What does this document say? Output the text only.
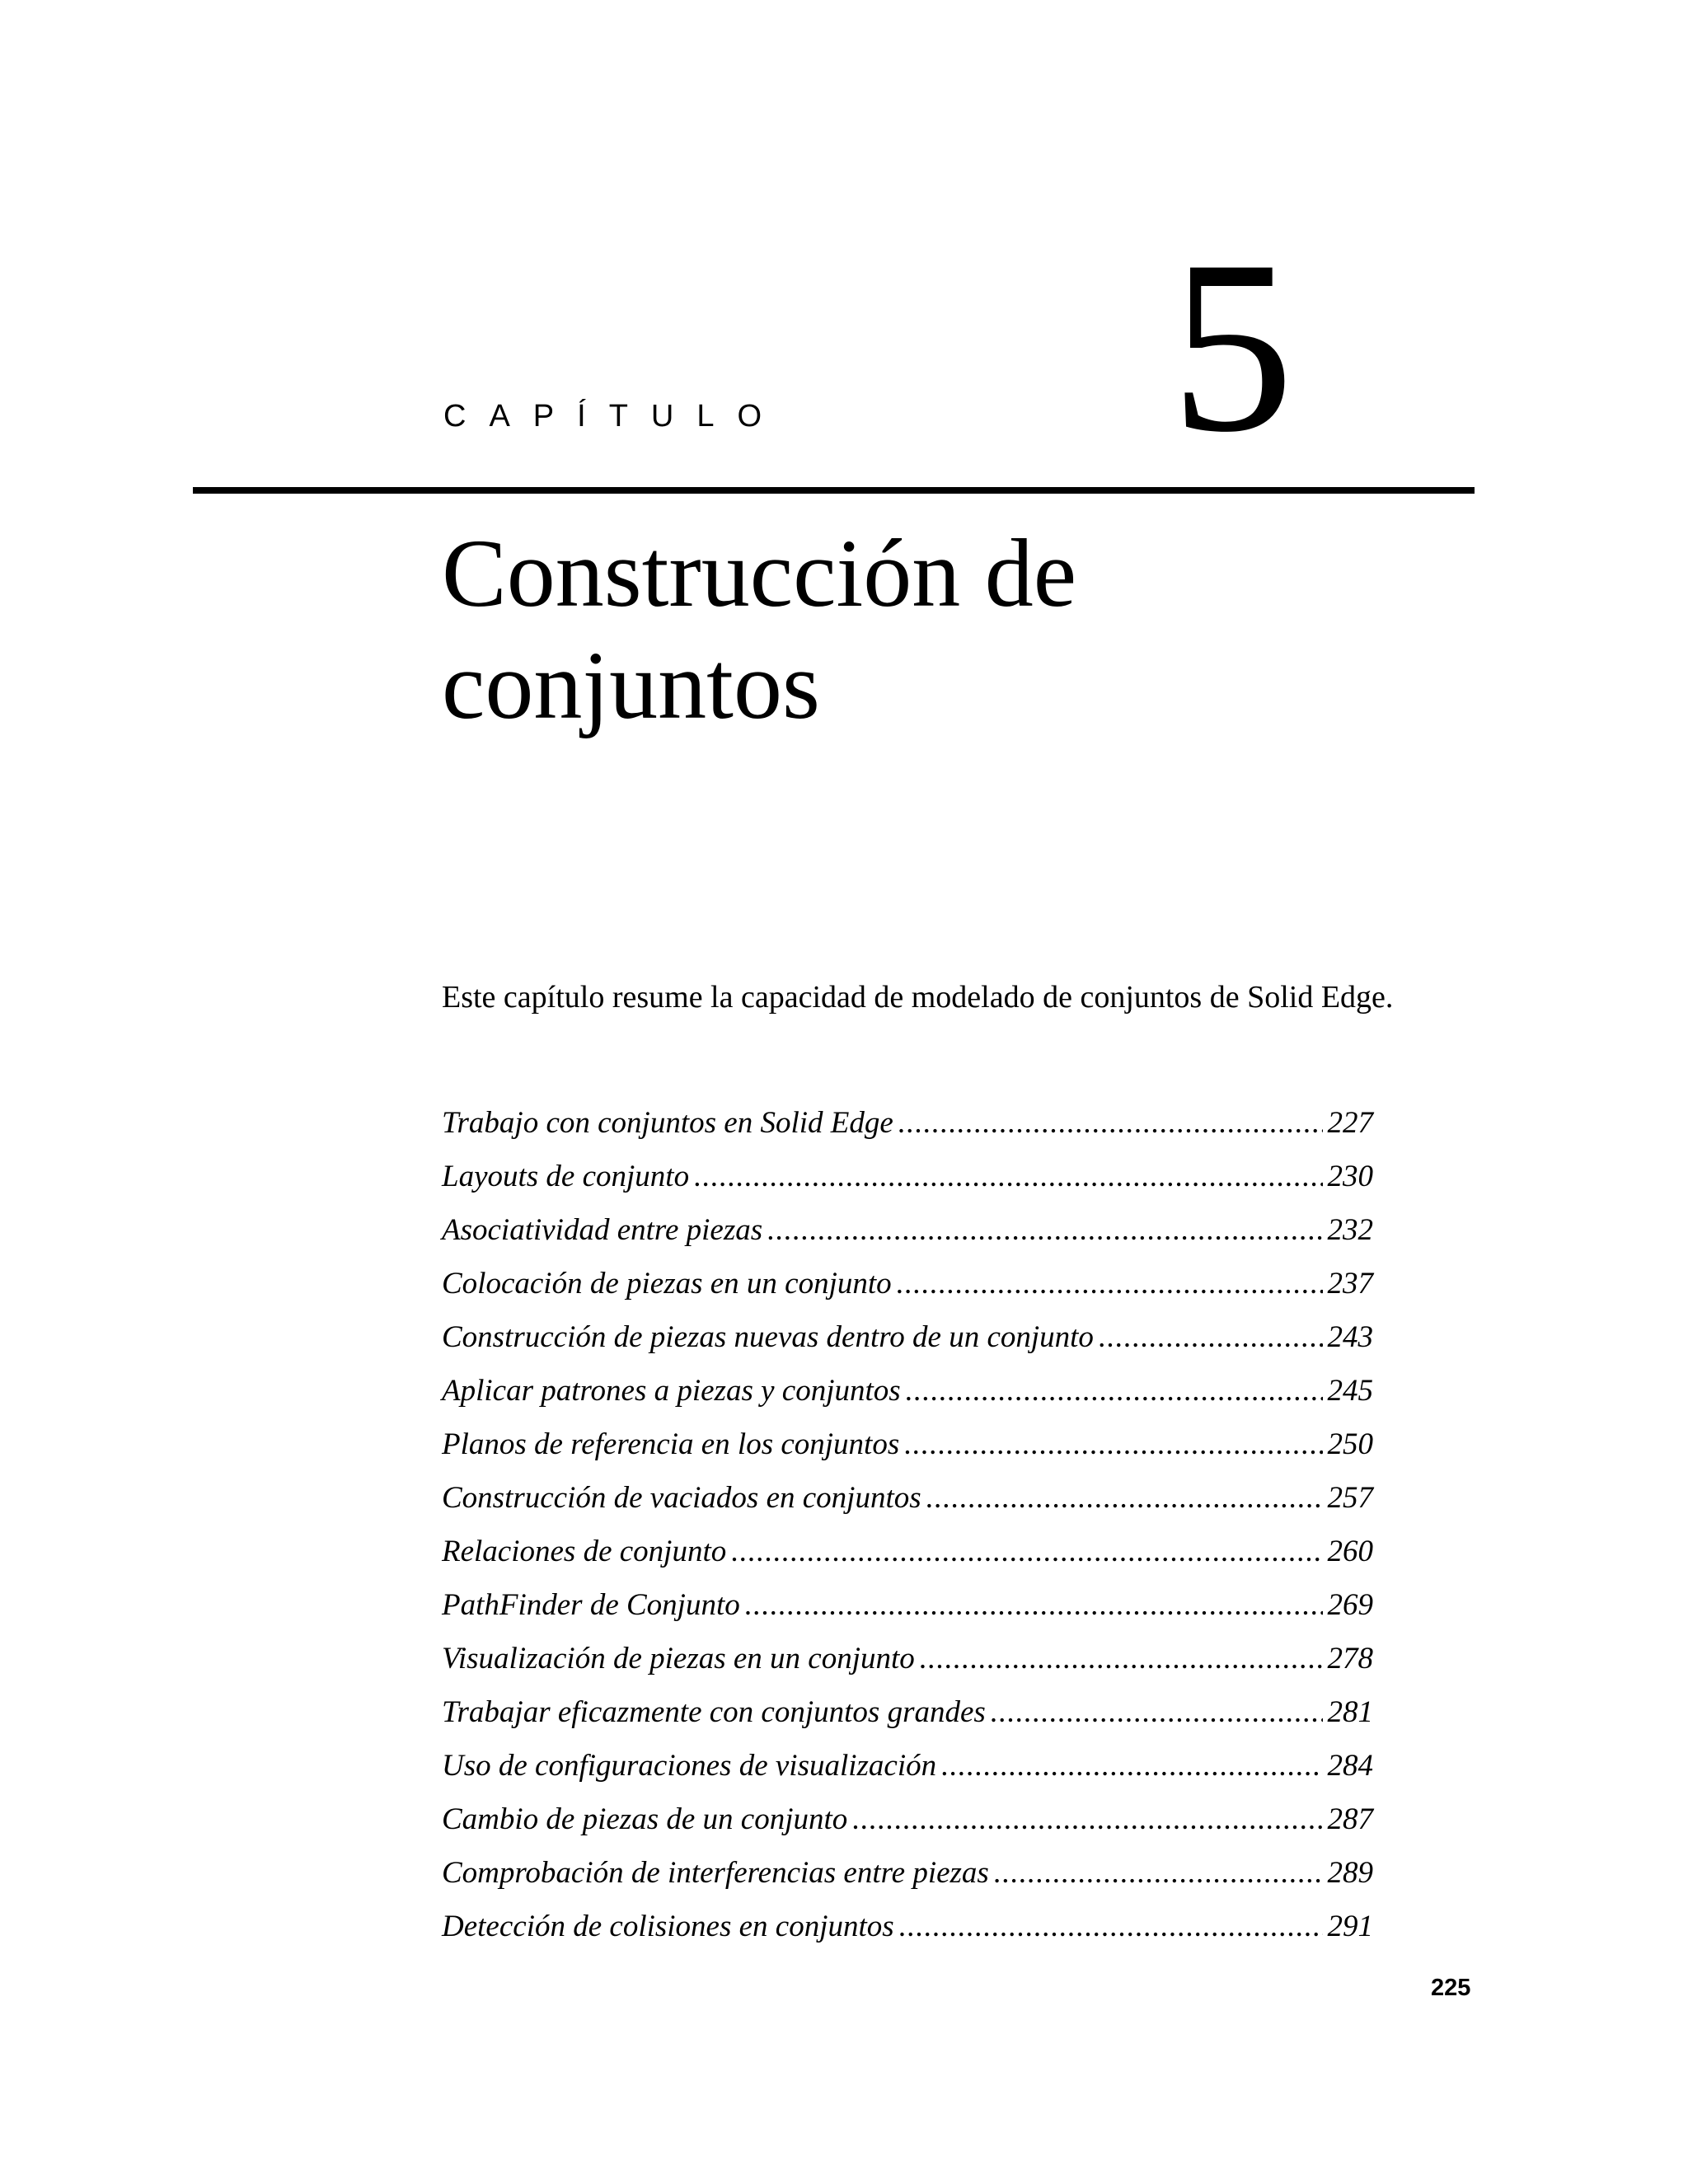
CAPÍTULO 5
Construcción de
conjuntos
Este capítulo resume la capacidad de modelado de conjuntos de Solid Edge.
Trabajo con conjuntos en Solid Edge .....	227
Layouts de conjunto .....	230
Asociatividad entre piezas .....	232
Colocación de piezas en un conjunto .....	237
Construcción de piezas nuevas dentro de un conjunto .....	243
Aplicar patrones a piezas y conjuntos .....	245
Planos de referencia en los conjuntos .....	250
Construcción de vaciados en conjuntos .....	257
Relaciones de conjunto .....	260
PathFinder de Conjunto .....	269
Visualización de piezas en un conjunto .....	278
Trabajar eficazmente con conjuntos grandes .....	281
Uso de configuraciones de visualización .....	284
Cambio de piezas de un conjunto .....	287
Comprobación de interferencias entre piezas .....	289
Detección de colisiones en conjuntos .....	291
225
